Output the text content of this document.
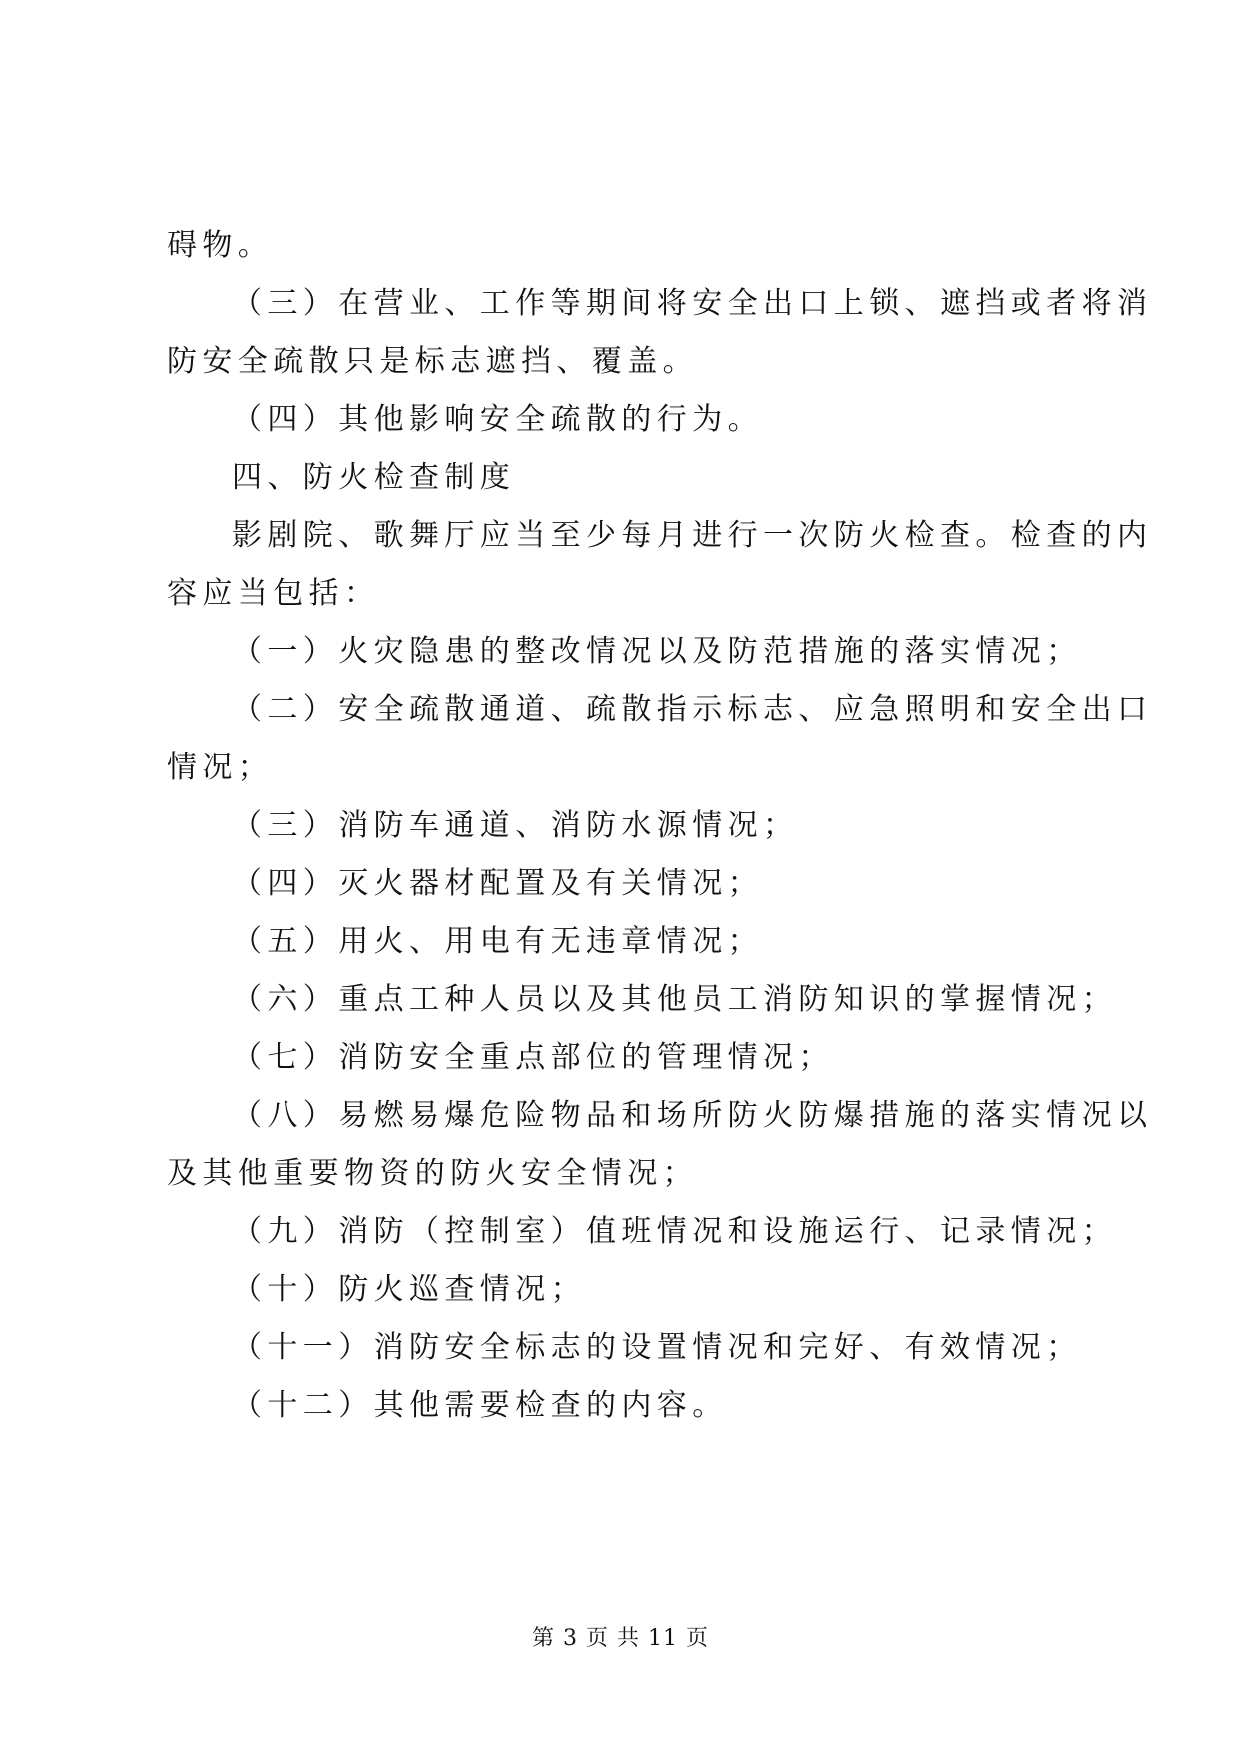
碍物。
（三）在营业、工作等期间将安全出口上锁、遮挡或者将消
防安全疏散只是标志遮挡、覆盖。
（四）其他影响安全疏散的行为。
四、防火检查制度
影剧院、歌舞厅应当至少每月进行一次防火检查。检查的内
容应当包括：
（一）火灾隐患的整改情况以及防范措施的落实情况；
（二）安全疏散通道、疏散指示标志、应急照明和安全出口
情况；
（三）消防车通道、消防水源情况；
（四）灭火器材配置及有关情况；
（五）用火、用电有无违章情况；
（六）重点工种人员以及其他员工消防知识的掌握情况；
（七）消防安全重点部位的管理情况；
（八）易燃易爆危险物品和场所防火防爆措施的落实情况以
及其他重要物资的防火安全情况；
（九）消防（控制室）值班情况和设施运行、记录情况；
（十）防火巡查情况；
（十一）消防安全标志的设置情况和完好、有效情况；
（十二）其他需要检查的内容。
第 3 页 共 11 页
